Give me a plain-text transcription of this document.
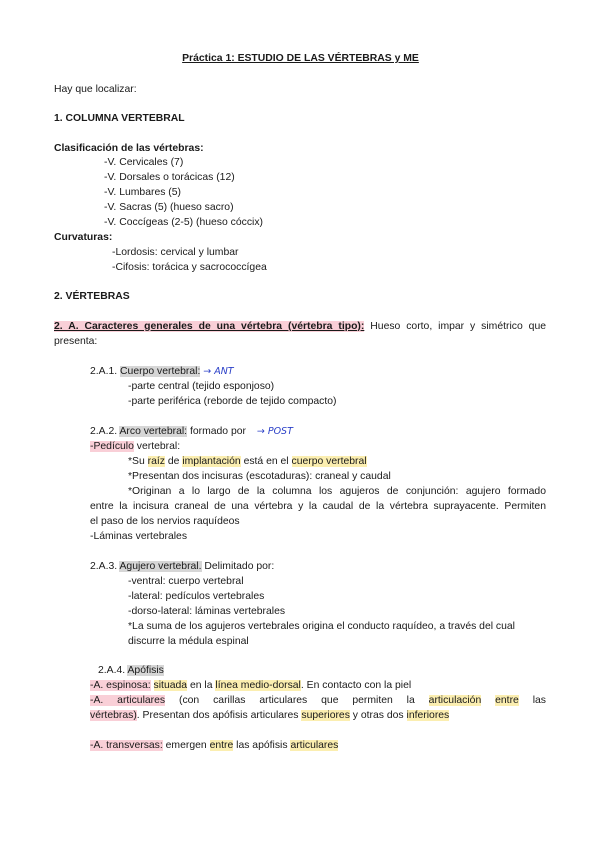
Práctica 1: ESTUDIO DE LAS VÉRTEBRAS y ME
Hay que localizar:
1. COLUMNA VERTEBRAL
Clasificación de las vértebras:
-V. Cervicales (7)
-V. Dorsales o torácicas (12)
-V. Lumbares (5)
-V. Sacras (5) (hueso sacro)
-V. Coccígeas (2-5) (hueso cóccix)
Curvaturas:
-Lordosis: cervical y lumbar
-Cifosis: torácica y sacrococcígea
2. VÉRTEBRAS
2. A. Caracteres generales de una vértebra (vértebra tipo): Hueso corto, impar y simétrico que
presenta:
2.A.1. Cuerpo vertebral: → ANT
-parte central (tejido esponjoso)
-parte periférica (reborde de tejido compacto)
2.A.2. Arco vertebral: formado por → POST
-Pedículo vertebral:
*Su raíz de implantación está en el cuerpo vertebral
*Presentan dos incisuras (escotaduras): craneal y caudal
*Originan a lo largo de la columna los agujeros de conjunción: agujero formado
entre la incisura craneal de una vértebra y la caudal de la vértebra suprayacente. Permiten
el paso de los nervios raquídeos
-Láminas vertebrales
2.A.3. Agujero vertebral. Delimitado por:
-ventral: cuerpo vertebral
-lateral: pedículos vertebrales
-dorso-lateral: láminas vertebrales
*La suma de los agujeros vertebrales origina el conducto raquídeo, a través del cual
discurre la médula espinal
2.A.4. Apófisis
-A. espinosa: situada en la línea medio-dorsal. En contacto con la piel
-A. articulares (con carillas articulares que permiten la articulación entre las
vértebras). Presentan dos apófisis articulares superiores y otras dos inferiores
-A. transversas: emergen entre las apófisis articulares
